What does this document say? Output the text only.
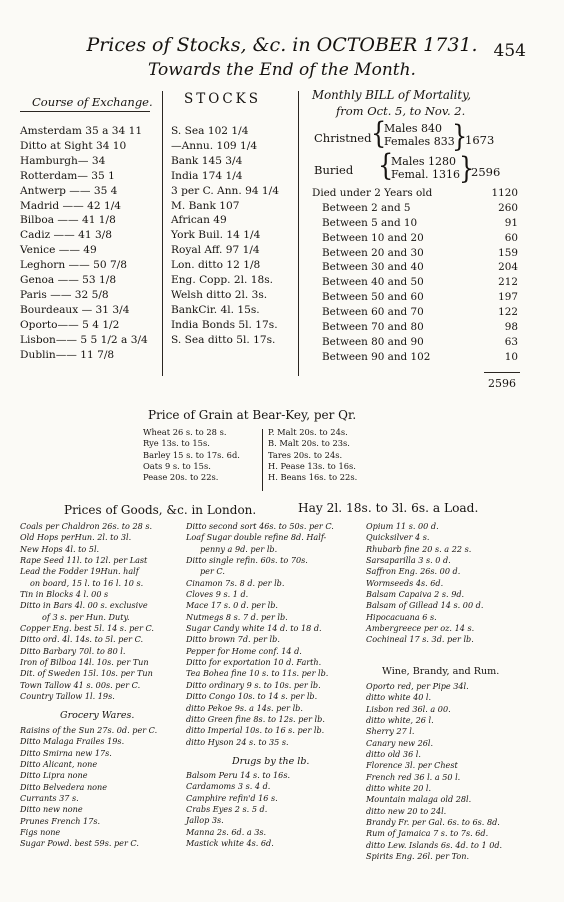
Prices of Stocks, &c. in OCTOBER 1731. 454
Towards the End of the Month.
Course of Exchange. STOCKS	Monthly BILL of Mortality,
from Oct. 5, to Nov. 2.
Amsterdam 35 a 34 11
Ditto at Sight 34 10
Hamburgh— 34
Rotterdam— 35 1
Antwerp —— 35 4
Madrid —— 42 1/4
Bilboa —— 41 1/8
Cadiz —— 41 3/8
Venice —— 49
Leghorn —— 50 7/8
Genoa —— 53 1/8
Paris —— 32 5/8
Bourdeaux — 31 3/4
Oporto—— 5 4 1/2
Lisbon—— 5 5 1/2 a 3/4
Dublin—— 11 7/8
S. Sea 102 1/4
—Annu. 109 1/4
Bank 145 3/4
India 174 1/4
3 per C. Ann. 94 1/4
M. Bank 107
African 49
York Buil. 14 1/4
Royal Aff. 97 1/4
Lon. ditto 12 1/8
Eng. Copp. 2l. 18s.
Welsh ditto 2l. 3s.
BankCir. 4l. 15s.
India Bonds 5l. 17s.
S. Sea ditto 5l. 17s.
Christned {
Males 840
Females 833
}
1673
Buried {
Males 1280
Femal. 1316
}
2596
Died under 2 Years old	1120
Between 2 and 5	260
Between 5 and 10	91
Between 10 and 20	60
Between 20 and 30	159
Between 30 and 40	204
Between 40 and 50	212
Between 50 and 60	197
Between 60 and 70	122
Between 70 and 80	98
Between 80 and 90	63
Between 90 and 102	10
2596
Price of Grain at Bear-Key, per Qr.
Wheat 26 s. to 28 s.
Rye 13s. to 15s.
Barley 15 s. to 17s. 6d.
Oats 9 s. to 15s.
Pease 20s. to 22s.
P. Malt 20s. to 24s.
B. Malt 20s. to 23s.
Tares 20s. to 24s.
H. Pease 13s. to 16s.
H. Beans 16s. to 22s.
Prices of Goods, &c. in London.	Hay 2l. 18s. to 3l. 6s. a Load.
Coals per Chaldron 26s. to 28 s.
Old Hops perHun. 2l. to 3l.
New Hops 4l. to 5l.
Rape Seed 11l. to 12l. per Last
Lead the Fodder 19Hun. half
on board, 15 l. to 16 l. 10 s.
Tin in Blocks 4 l. 00 s
Ditto in Bars 4l. 00 s. exclusive
of 3 s. per Hun. Duty.
Copper Eng. best 5l. 14 s. per C.
Ditto ord. 4l. 14s. to 5l. per C.
Ditto Barbary 70l. to 80 l.
Iron of Bilboa 14l. 10s. per Tun
Dit. of Sweden 15l. 10s. per Tun
Town Tallow 41 s. 00s. per C.
Country Tallow 1l. 19s.
Grocery Wares.
Raisins of the Sun 27s. 0d. per C.
Ditto Malaga Frailes 19s.
Ditto Smirna new 17s.
Ditto Alicant, none
Ditto Lipra none
Ditto Belvedera none
Currants 37 s.
Ditto new none
Prunes French 17s.
Figs none
Sugar Powd. best 59s. per C.
Ditto second sort 46s. to 50s. per C.
Loaf Sugar double refine 8d. Half-
penny a 9d. per lb.
Ditto single refin. 60s. to 70s.
per C.
Cinamon 7s. 8 d. per lb.
Cloves 9 s. 1 d.
Mace 17 s. 0 d. per lb.
Nutmegs 8 s. 7 d. per lb.
Sugar Candy white 14 d. to 18 d.
Ditto brown 7d. per lb.
Pepper for Home conf. 14 d.
Ditto for exportation 10 d. Farth.
Tea Bohea fine 10 s. to 11s. per lb.
Ditto ordinary 9 s. to 10s. per lb.
Ditto Congo 10s. to 14 s. per lb.
ditto Pekoe 9s. a 14s. per lb.
ditto Green fine 8s. to 12s. per lb.
ditto Imperial 10s. to 16 s. per lb.
ditto Hyson 24 s. to 35 s.
Drugs by the lb.
Balsom Peru 14 s. to 16s.
Cardamoms 3 s. 4 d.
Camphire refin'd 16 s.
Crabs Eyes 2 s. 5 d.
Jallop 3s.
Manna 2s. 6d. a 3s.
Mastick white 4s. 6d.
Opium 11 s. 00 d.
Quicksilver 4 s.
Rhubarb fine 20 s. a 22 s.
Sarsaparilla 3 s. 0 d.
Saffron Eng. 26s. 00 d.
Wormseeds 4s. 6d.
Balsam Capaiva 2 s. 9d.
Balsam of Gillead 14 s. 00 d.
Hipocacuana 6 s.
Ambergreece per oz. 14 s.
Cochineal 17 s. 3d. per lb.
Wine, Brandy, and Rum.
Oporto red, per Pipe 34l.
ditto white 40 l.
Lisbon red 36l. a 00.
ditto white, 26 l.
Sherry 27 l.
Canary new 26l.
ditto old 36 l.
Florence 3l. per Chest
French red 36 l. a 50 l.
ditto white 20 l.
Mountain malaga old 28l.
ditto new 20 to 24l.
Brandy Fr. per Gal. 6s. to 6s. 8d.
Rum of Jamaica 7 s. to 7s. 6d.
ditto Lew. Islands 6s. 4d. to 1 0d.
Spirits Eng. 26l. per Ton.
